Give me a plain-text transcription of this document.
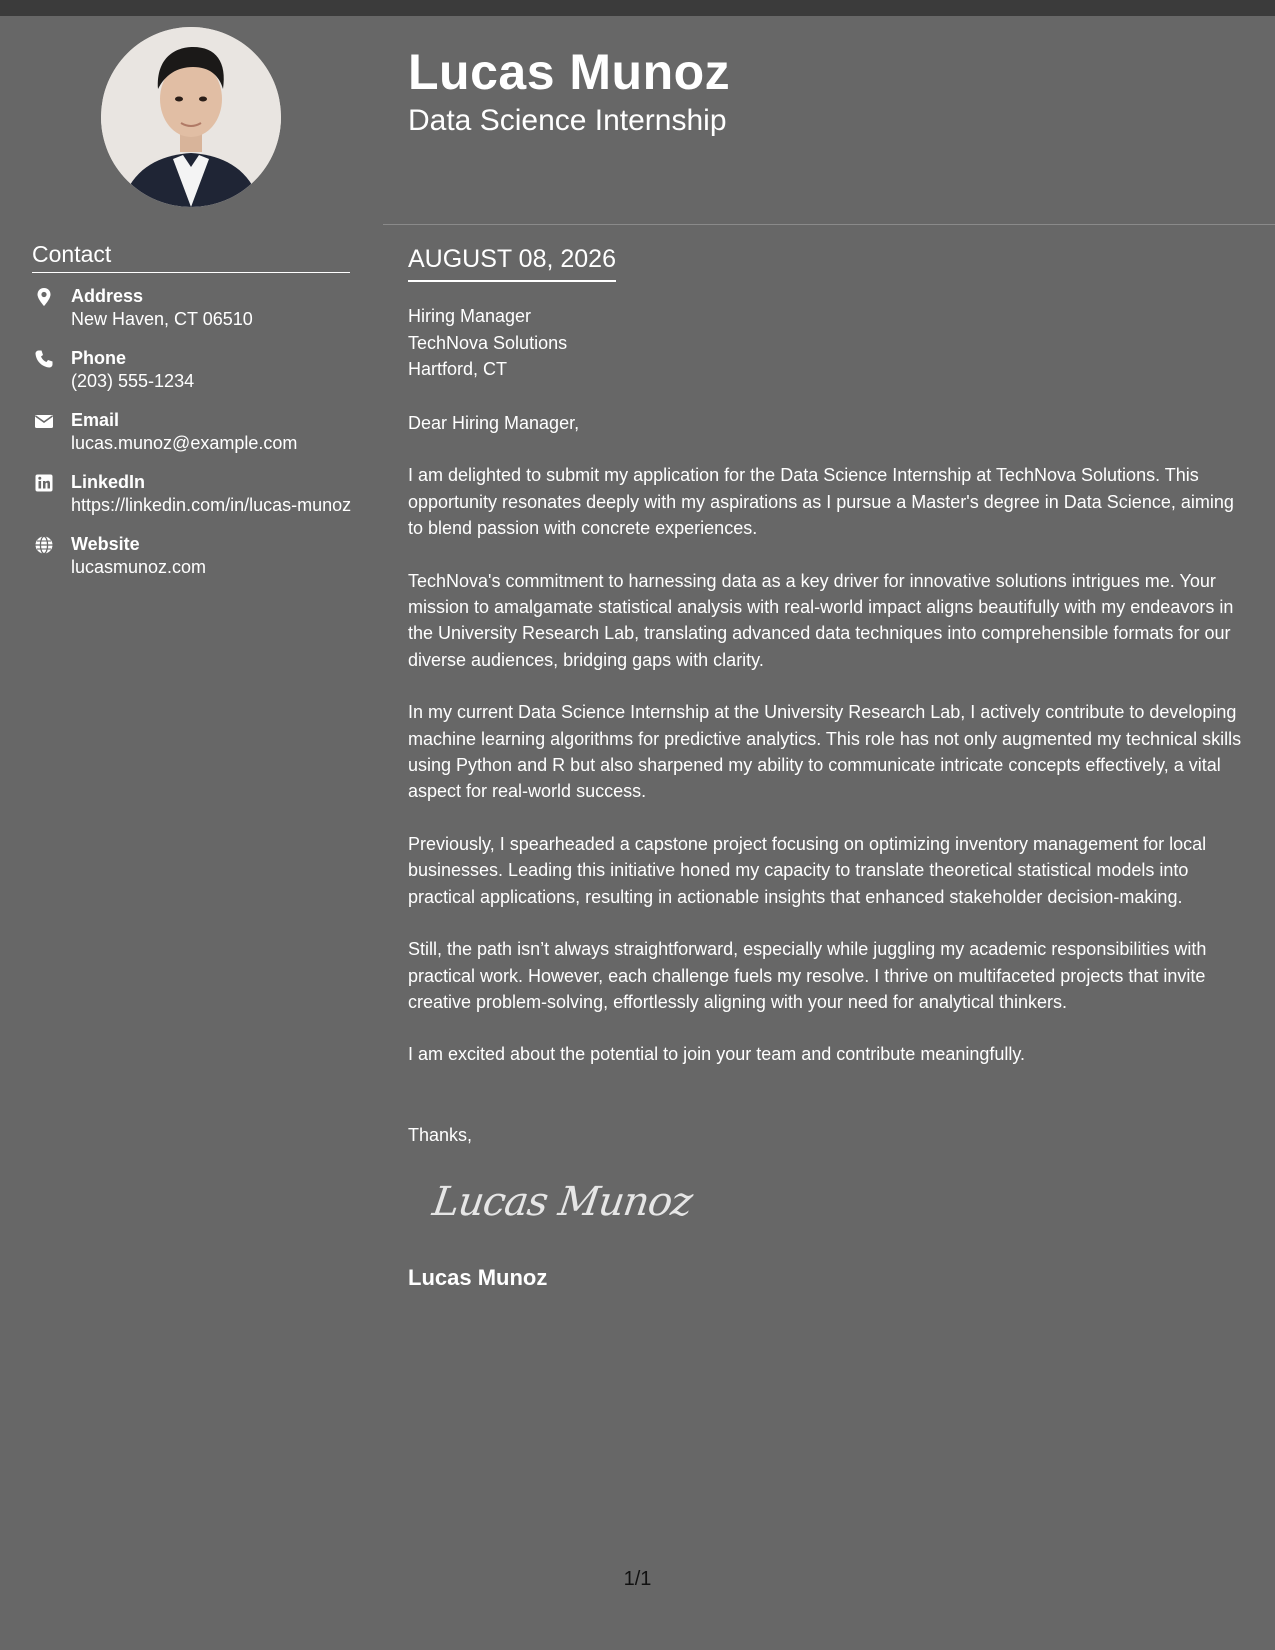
Contact
Address
New Haven, CT 06510
Phone
(203) 555-1234
Email
lucas.munoz@example.com
LinkedIn
https://linkedin.com/in/lucas-munoz
Website
lucasmunoz.com
Lucas Munoz
Data Science Internship
AUGUST 08, 2026
Hiring Manager
TechNova Solutions
Hartford, CT

Dear Hiring Manager,

I am delighted to submit my application for the Data Science Internship at TechNova Solutions. This opportunity resonates deeply with my aspirations as I pursue a Master's degree in Data Science, aiming to blend passion with concrete experiences.

TechNova's commitment to harnessing data as a key driver for innovative solutions intrigues me. Your mission to amalgamate statistical analysis with real-world impact aligns beautifully with my endeavors in the University Research Lab, translating advanced data techniques into comprehensible formats for our diverse audiences, bridging gaps with clarity.

In my current Data Science Internship at the University Research Lab, I actively contribute to developing machine learning algorithms for predictive analytics. This role has not only augmented my technical skills using Python and R but also sharpened my ability to communicate intricate concepts effectively, a vital aspect for real-world success.

Previously, I spearheaded a capstone project focusing on optimizing inventory management for local businesses. Leading this initiative honed my capacity to translate theoretical statistical models into practical applications, resulting in actionable insights that enhanced stakeholder decision-making.

Still, the path isn’t always straightforward, especially while juggling my academic responsibilities with practical work. However, each challenge fuels my resolve. I thrive on multifaceted projects that invite creative problem-solving, effortlessly aligning with your need for analytical thinkers.

I am excited about the potential to join your team and contribute meaningfully.

Thanks,
Lucas Munoz
Lucas Munoz
1/1
